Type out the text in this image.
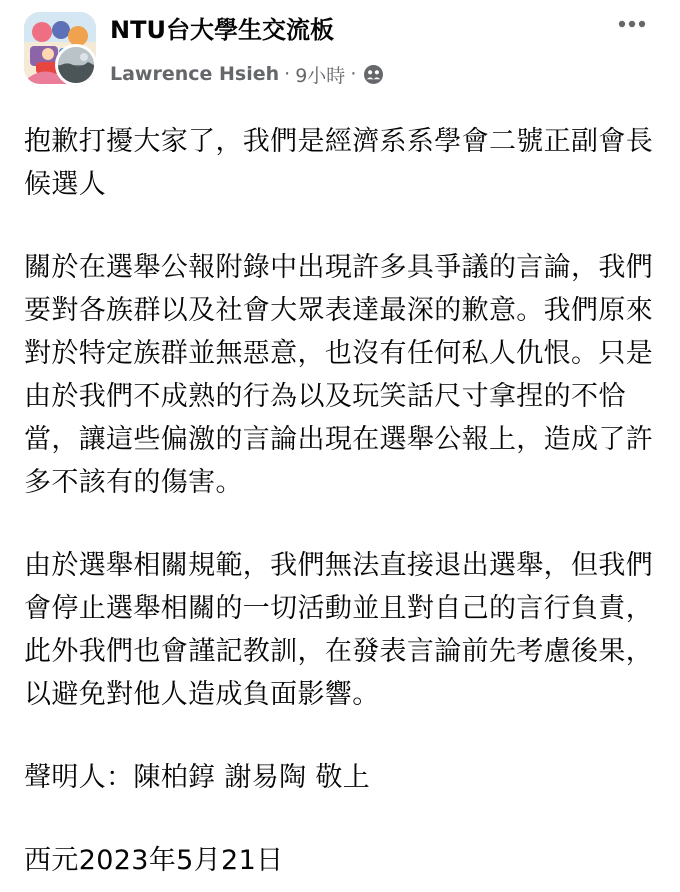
NTU台大學生交流板
Lawrence Hsieh · 9小時 ·

抱歉打擾大家了，我們是經濟系系學會二號正副會長
候選人

關於在選舉公報附錄中出現許多具爭議的言論，我們
要對各族群以及社會大眾表達最深的歉意。我們原來
對於特定族群並無惡意，也沒有任何私人仇恨。只是
由於我們不成熟的行為以及玩笑話尺寸拿捏的不恰
當，讓這些偏激的言論出現在選舉公報上，造成了許
多不該有的傷害。

由於選舉相關規範，我們無法直接退出選舉，但我們
會停止選舉相關的一切活動並且對自己的言行負責，
此外我們也會謹記教訓，在發表言論前先考慮後果，
以避免對他人造成負面影響。

聲明人：陳柏錞 謝易陶 敬上

西元2023年5月21日
